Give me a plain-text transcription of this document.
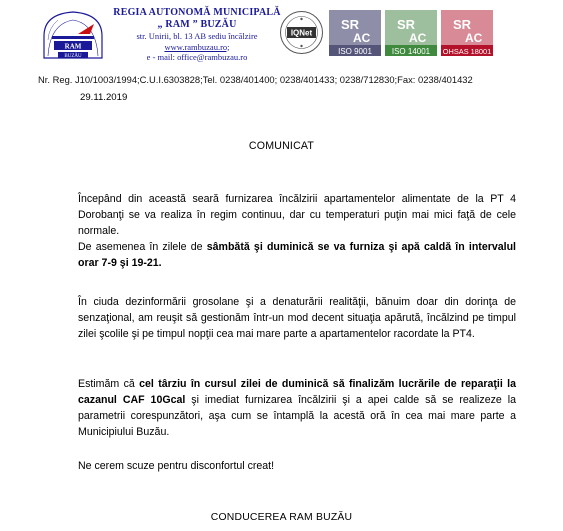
RAM
BUZĂU
REGIA AUTONOMĂ MUNICIPALĂ
„ RAM ” BUZĂU
str. Unirii, bl. 13 AB sediu încălzire
www.rambuzau.ro;
e - mail: office@rambuzau.ro
IQNet
SR
AC
ISO 9001
SR
AC
ISO 14001
SR
AC
OHSAS 18001
Nr. Reg. J10/1003/1994;C.U.I.6303828;Tel. 0238/401400; 0238/401433; 0238/712830;Fax: 0238/401432
29.11.2019
COMUNICAT
Începând din această seară furnizarea încălzirii apartamentelor alimentate de la PT 4 Dorobanţi se va realiza în regim continuu, dar cu temperaturi puţin mai mici faţă de cele normale.
De asemenea în zilele de sâmbătă şi duminică se va furniza şi apă caldă în intervalul orar 7-9 şi 19-21.
În ciuda dezinformării grosolane şi a denaturării realităţii, bănuim doar din dorinţa de senzaţional, am reuşit să gestionăm într-un mod decent situaţia apărută, încălzind pe timpul zilei şcolile şi pe timpul nopţii cea mai mare parte a apartamentelor racordate la PT4.
Estimăm că cel târziu în cursul zilei de duminică să finalizăm lucrările de reparaţii la cazanul CAF 10Gcal şi imediat furnizarea încălzirii şi a apei calde să se realizeze la parametrii corespunzători, aşa cum se întamplă la acestă oră în cea mai mare parte a Municipiului Buzău.
Ne cerem scuze pentru disconfortul creat!
CONDUCEREA RAM BUZĂU
